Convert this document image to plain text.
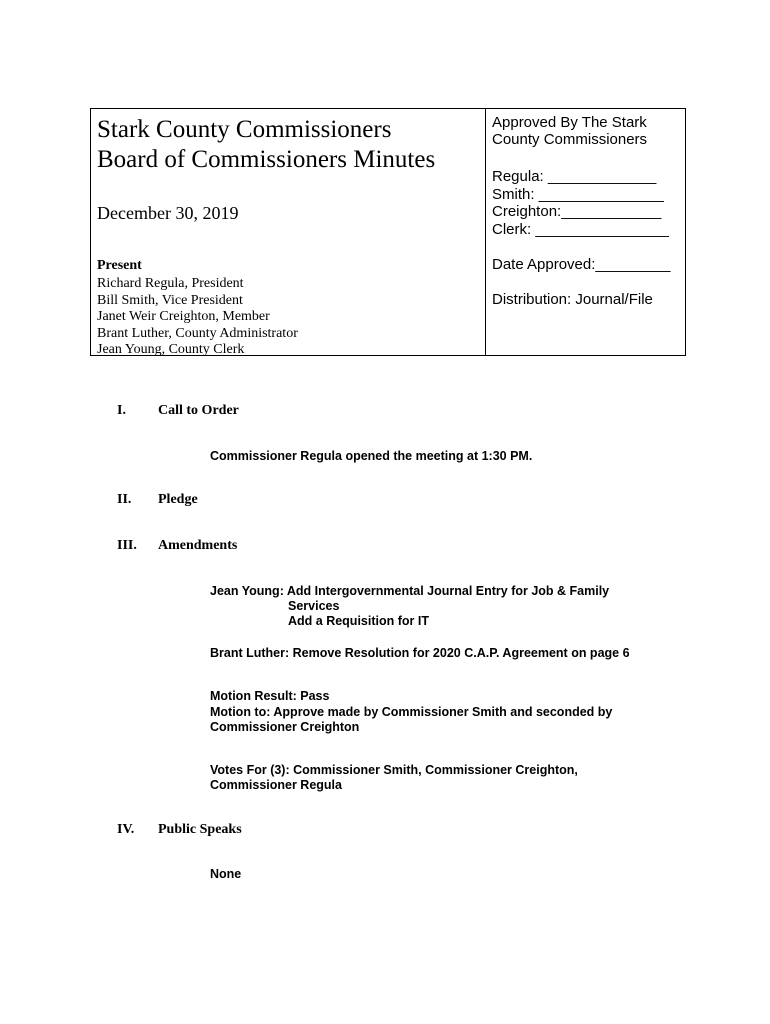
Stark County Commissioners
Board of Commissioners Minutes
December 30, 2019
Present
Richard Regula, President
Bill Smith, Vice President
Janet Weir Creighton, Member
Brant Luther, County Administrator
Jean Young, County Clerk
Approved By The Stark
County Commissioners
Regula: _____________
Smith: _______________
Creighton:____________
Clerk: ________________
Date Approved:_________
Distribution: Journal/File
I. Call to Order
Commissioner Regula opened the meeting at 1:30 PM.
II. Pledge
III. Amendments
Jean Young: Add Intergovernmental Journal Entry for Job & Family
Services
Add a Requisition for IT
Brant Luther: Remove Resolution for 2020 C.A.P. Agreement on page 6
Motion Result: Pass
Motion to: Approve made by Commissioner Smith and seconded by
Commissioner Creighton
Votes For (3): Commissioner Smith, Commissioner Creighton,
Commissioner Regula
IV. Public Speaks
None
